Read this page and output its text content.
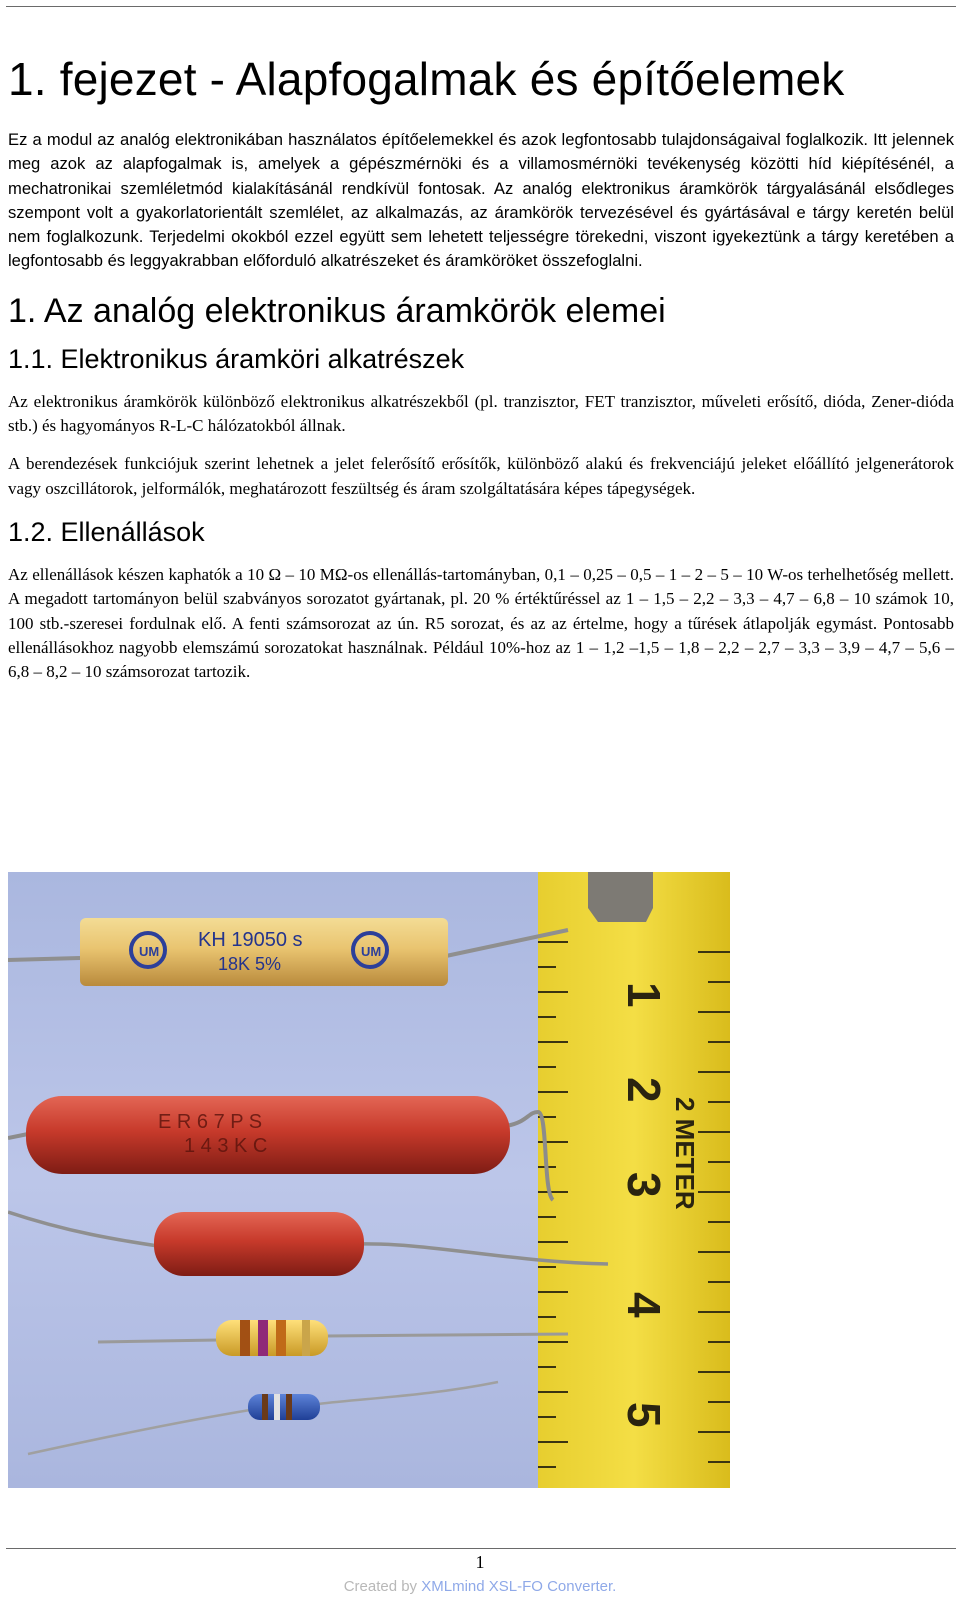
1. fejezet - Alapfogalmak és építőelemek

Ez a modul az analóg elektronikában használatos építőelemekkel és azok legfontosabb tulajdonságaival foglalkozik. Itt jelennek meg azok az alapfogalmak is, amelyek a gépészmérnöki és a villamosmérnöki tevékenység közötti híd kiépítésénél, a mechatronikai szemléletmód kialakításánál rendkívül fontosak. Az analóg elektronikus áramkörök tárgyalásánál elsődleges szempont volt a gyakorlatorientált szemlélet, az alkalmazás, az áramkörök tervezésével és gyártásával e tárgy keretén belül nem foglalkozunk. Terjedelmi okokból ezzel együtt sem lehetett teljességre törekedni, viszont igyekeztünk a tárgy keretében a legfontosabb és leggyakrabban előforduló alkatrészeket és áramköröket összefoglalni.

1. Az analóg elektronikus áramkörök elemei
1.1. Elektronikus áramköri alkatrészek

Az elektronikus áramkörök különböző elektronikus alkatrészekből (pl. tranzisztor, FET tranzisztor, műveleti erősítő, dióda, Zener-dióda stb.) és hagyományos R-L-C hálózatokból állnak.

A berendezések funkciójuk szerint lehetnek a jelet felerősítő erősítők, különböző alakú és frekvenciájú jeleket előállító jelgenerátorok vagy oszcillátorok, jelformálók, meghatározott feszültség és áram szolgáltatására képes tápegységek.

1.2. Ellenállások

Az ellenállások készen kaphatók a 10 Ω – 10 MΩ-os ellenállás-tartományban, 0,1 – 0,25 – 0,5 – 1 – 2 – 5 – 10 W-os terhelhetőség mellett. A megadott tartományon belül szabványos sorozatot gyártanak, pl. 20 % értéktűréssel az 1 – 1,5 – 2,2 – 3,3 – 4,7 – 6,8 – 10 számok 10, 100 stb.-szeresei fordulnak elő. A fenti számsorozat az ún. R5 sorozat, és az az értelme, hogy a tűrések átlapolják egymást. Pontosabb ellenállásokhoz nagyobb elemszámú sorozatokat használnak. Például 10%-hoz az 1 – 1,2 –1,5 – 1,8 – 2,2 – 2,7 – 3,3 – 3,9 – 4,7 – 5,6 – 6,8 – 8,2 – 10 számsorozat tartozik.

1
2
3
4
5
2 METER
UM	UM
KH 19050 s
18K 5%
E R 6 7 P S
1 4 3 K C
1
Created by XMLmind XSL-FO Converter.
